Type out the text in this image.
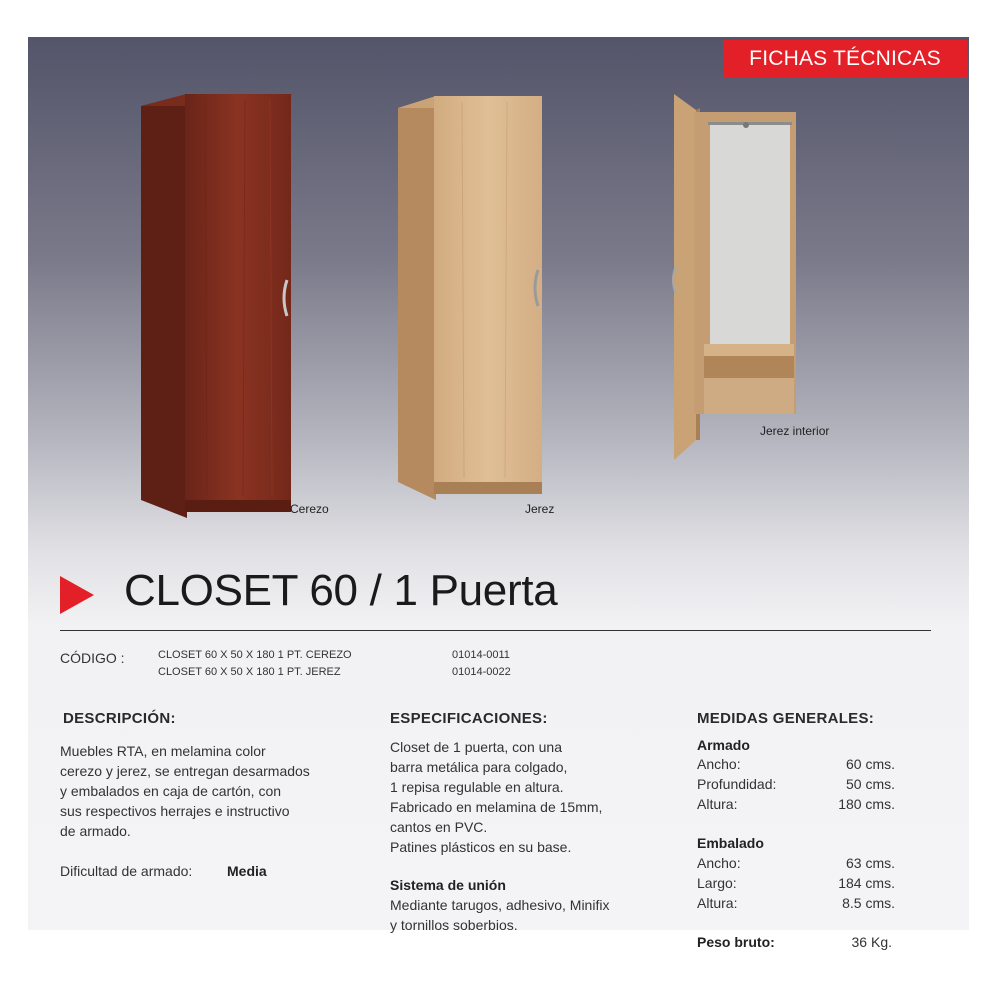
FICHAS TÉCNICAS
Cerezo	Jerez
Jerez interior
CLOSET 60 / 1 Puerta
CÓDIGO :	CLOSET 60 X 50 X 180 1 PT. CEREZO	01014-0011
CLOSET 60 X 50 X 180 1 PT. JEREZ	01014-0022
DESCRIPCIÓN:
Muebles RTA, en melamina color
cerezo y jerez, se entregan desarmados
y embalados en caja de cartón, con
sus respectivos herrajes e instructivo
de armado.
Dificultad de armado: Media
ESPECIFICACIONES:
Closet de 1 puerta, con una
barra metálica para colgado,
1 repisa regulable en altura.
Fabricado en melamina de 15mm,
cantos en PVC.
Patines plásticos en su base.
Sistema de unión
Mediante tarugos, adhesivo, Minifix
y tornillos soberbios.
MEDIDAS GENERALES:
Armado
Ancho:	60 cms.
Profundidad:	50 cms.
Altura:	180 cms.
Embalado
Ancho:	63 cms.
Largo:	184 cms.
Altura:	8.5 cms.
Peso bruto:	36 Kg.
